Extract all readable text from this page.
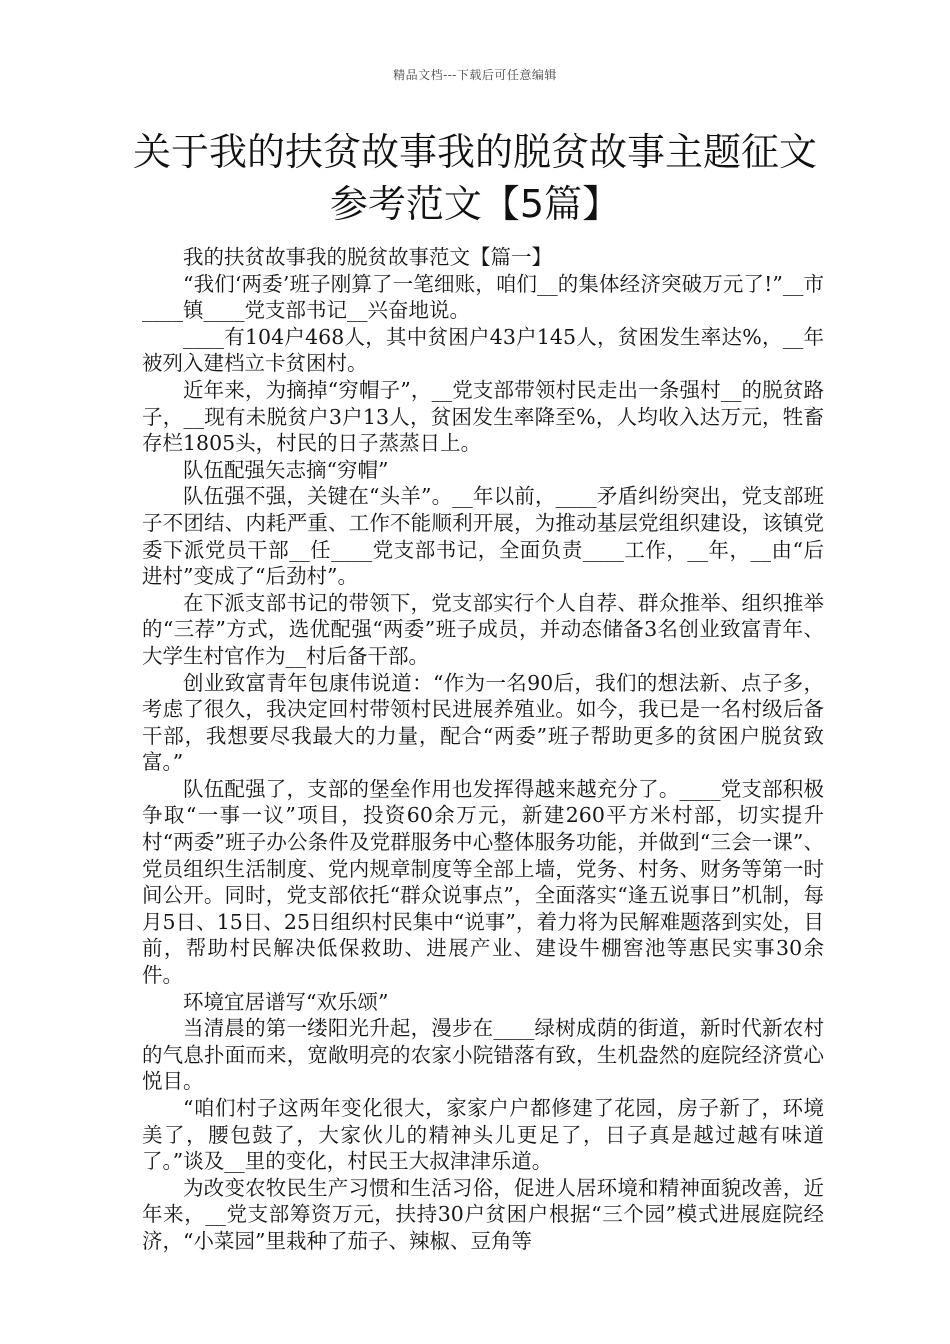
精品文档---下载后可任意编辑
关于我的扶贫故事我的脱贫故事主题征文参考范文【5篇】

我的扶贫故事我的脱贫故事范文【篇一】

“我们‘两委’班子刚算了一笔细账，咱们__的集体经济突破万元了!”__市____镇____党支部书记__兴奋地说。

____有104户468人，其中贫困户43户145人，贫困发生率达%，__年被列入建档立卡贫困村。

近年来，为摘掉“穷帽子”，__党支部带领村民走出一条强村__的脱贫路子，__现有未脱贫户3户13人，贫困发生率降至%，人均收入达万元，牲畜存栏1805头，村民的日子蒸蒸日上。

队伍配强矢志摘“穷帽”

队伍强不强，关键在“头羊”。__年以前，____矛盾纠纷突出，党支部班子不团结、内耗严重、工作不能顺利开展，为推动基层党组织建设，该镇党委下派党员干部__任____党支部书记，全面负责____工作，__年，__由“后进村”变成了“后劲村”。

在下派支部书记的带领下，党支部实行个人自荐、群众推举、组织推举的“三荐”方式，选优配强“两委”班子成员，并动态储备3名创业致富青年、大学生村官作为__村后备干部。

创业致富青年包康伟说道：“作为一名90后，我们的想法新、点子多，考虑了很久，我决定回村带领村民进展养殖业。如今，我已是一名村级后备干部，我想要尽我最大的力量，配合“两委”班子帮助更多的贫困户脱贫致富。”

队伍配强了，支部的堡垒作用也发挥得越来越充分了。____党支部积极争取“一事一议”项目，投资60余万元，新建260平方米村部，切实提升村“两委”班子办公条件及党群服务中心整体服务功能，并做到“三会一课”、党员组织生活制度、党内规章制度等全部上墙，党务、村务、财务等第一时间公开。同时，党支部依托“群众说事点”，全面落实“逢五说事日”机制，每月5日、15日、25日组织村民集中“说事”，着力将为民解难题落到实处，目前，帮助村民解决低保救助、进展产业、建设牛棚窖池等惠民实事30余件。

环境宜居谱写“欢乐颂”

当清晨的第一缕阳光升起，漫步在____绿树成荫的街道，新时代新农村的气息扑面而来，宽敞明亮的农家小院错落有致，生机盎然的庭院经济赏心悦目。

“咱们村子这两年变化很大，家家户户都修建了花园，房子新了，环境美了，腰包鼓了，大家伙儿的精神头儿更足了，日子真是越过越有味道了。”谈及__里的变化，村民王大叔津津乐道。

为改变农牧民生产习惯和生活习俗，促进人居环境和精神面貌改善，近年来，__党支部筹资万元，扶持30户贫困户根据“三个园”模式进展庭院经济，“小菜园”里栽种了茄子、辣椒、豆角等
